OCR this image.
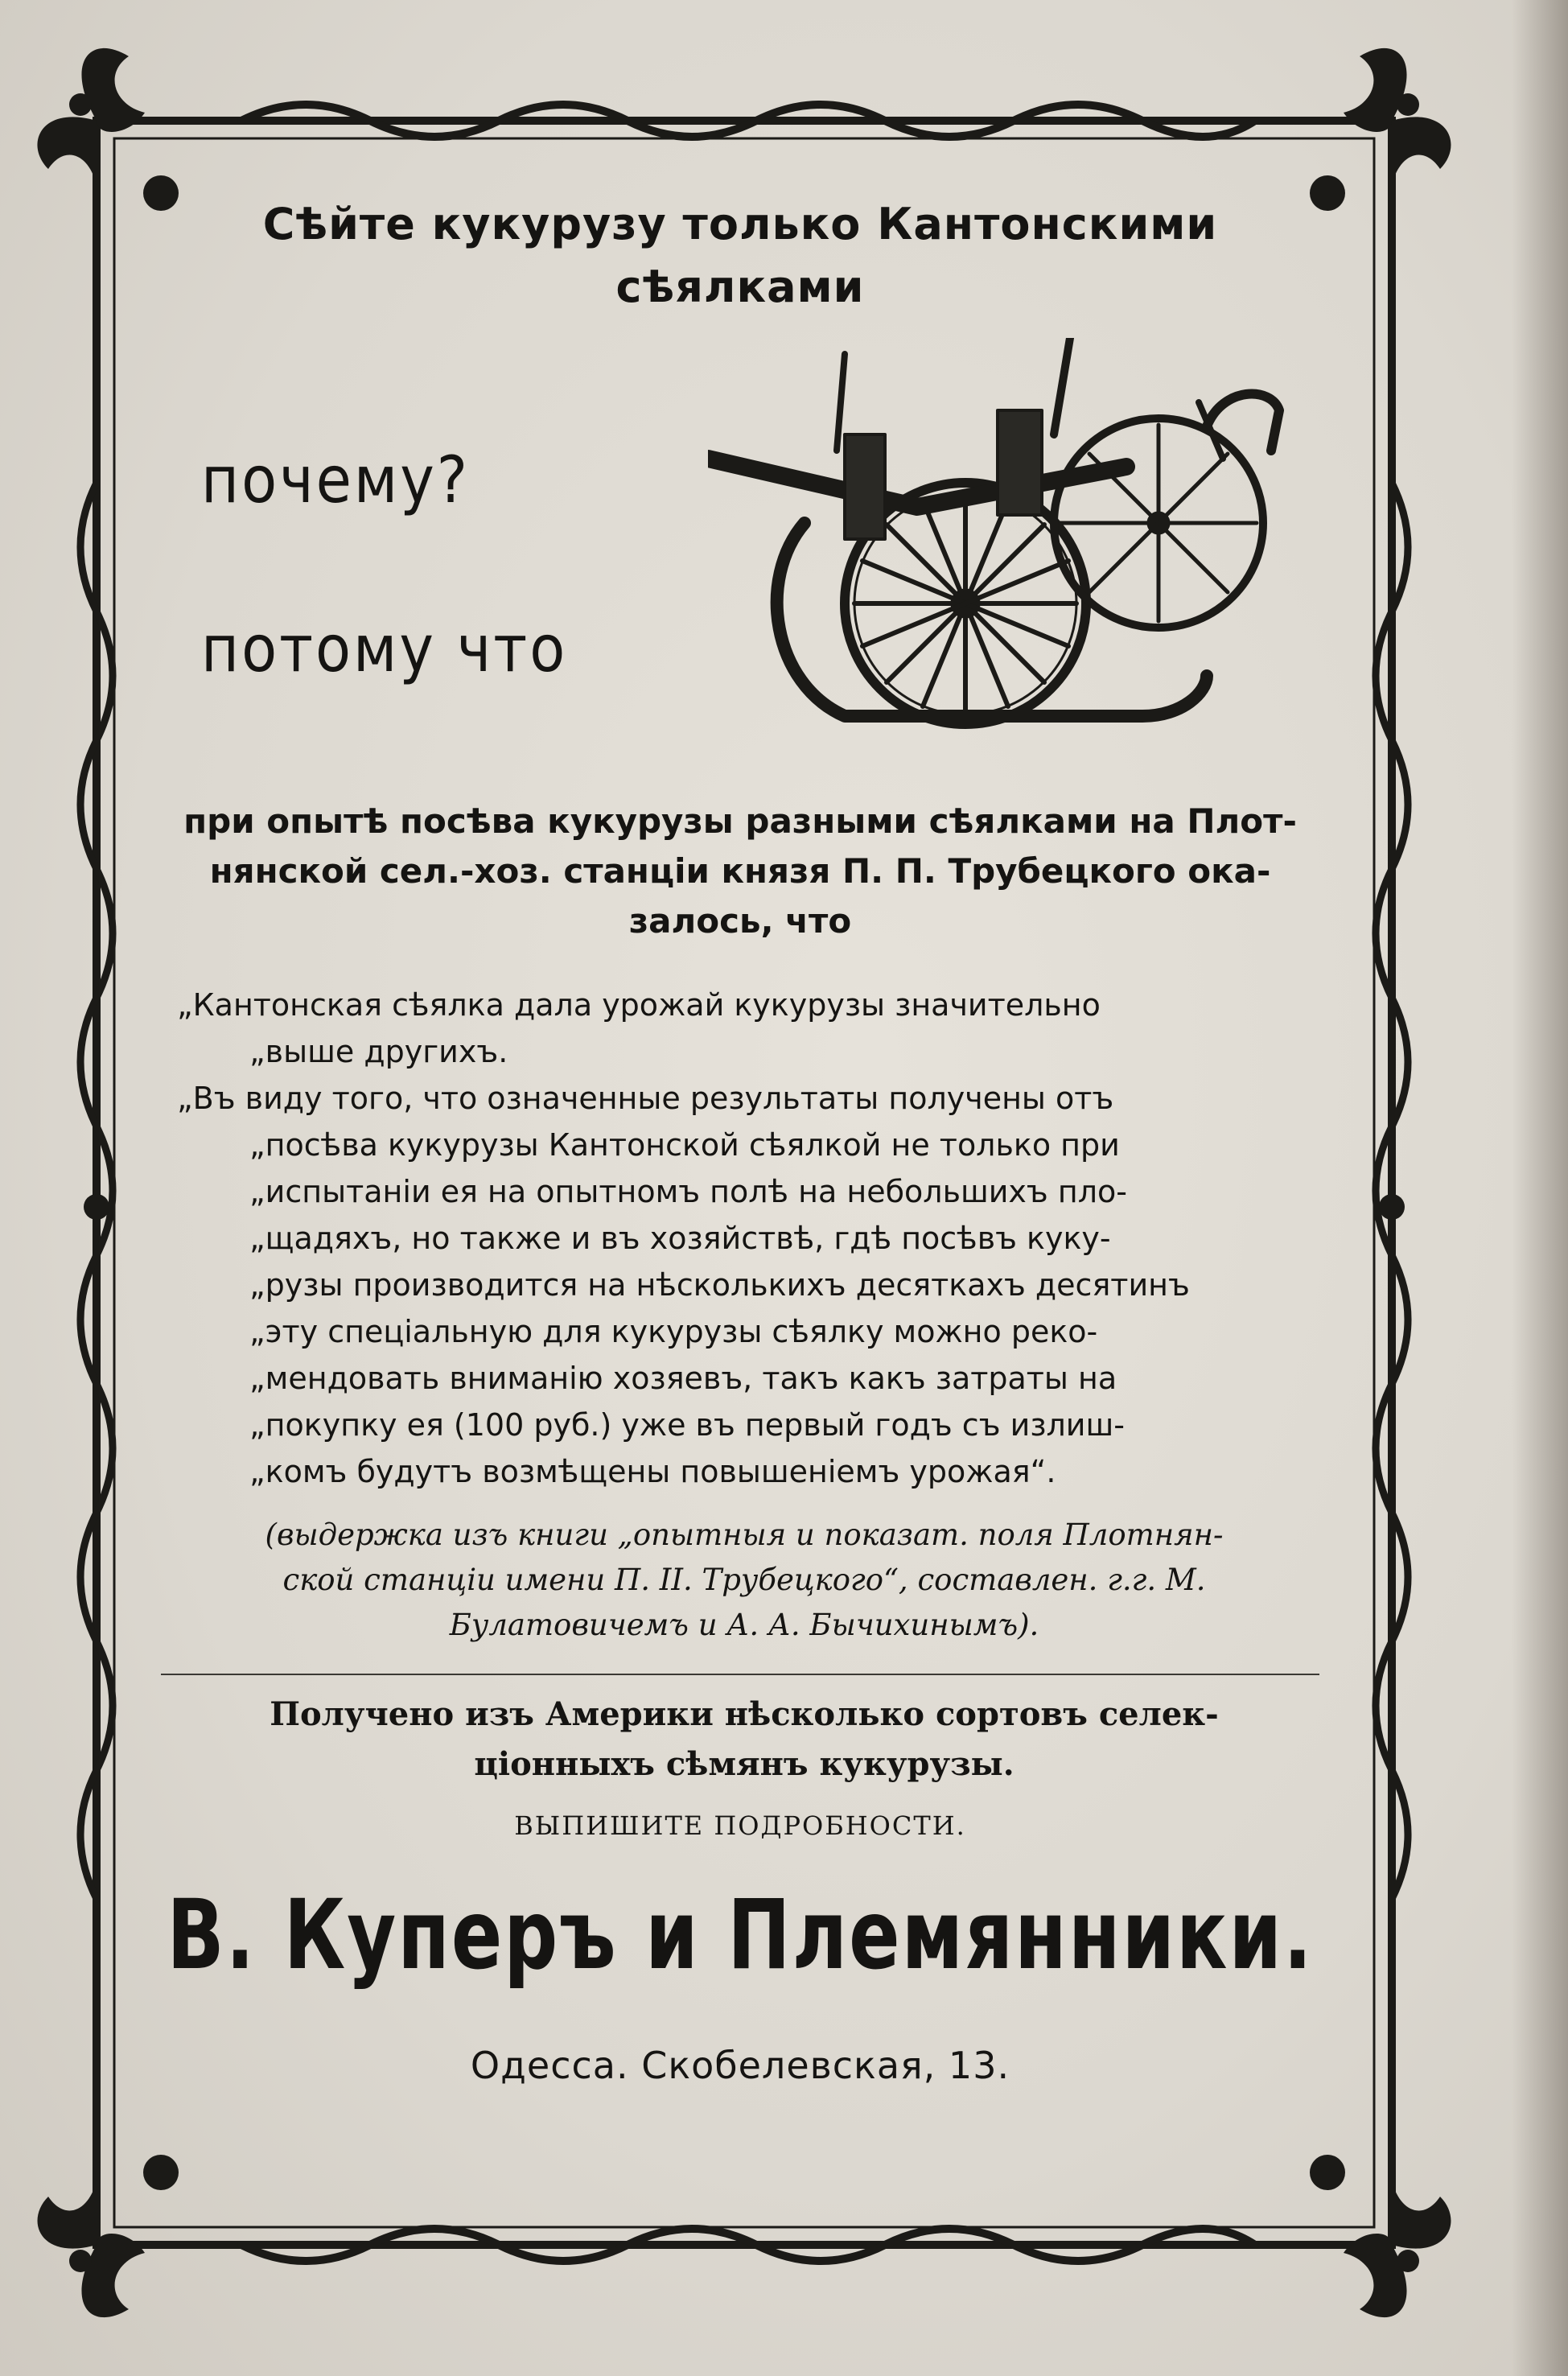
Сѣйте кукурузу только Кантонскими
сѣялками
почему?
потому что
при опытѣ посѣва кукурузы разными сѣялками на Плот-
нянской сел.-хоз. станціи князя П. П. Трубецкого ока-
залось, что
„Кантонская сѣялка дала урожай кукурузы значительно
„выше другихъ.
„Въ виду того, что означенные результаты получены отъ
„посѣва кукурузы Кантонской сѣялкой не только при
„испытаніи ея на опытномъ полѣ на небольшихъ пло-
„щадяхъ, но также и въ хозяйствѣ, гдѣ посѣвъ куку-
„рузы производится на нѣсколькихъ десяткахъ десятинъ
„эту спеціальную для кукурузы сѣялку можно реко-
„мендовать вниманію хозяевъ, такъ какъ затраты на
„покупку ея (100 руб.) уже въ первый годъ съ излиш-
„комъ будутъ возмѣщены повышеніемъ урожая“.
(выдержка изъ книги „опытныя и показат. поля Плотнян-
ской станціи имени П. II. Трубецкого“, составлен. г.г. М.
Булатовичемъ и А. А. Бычихинымъ).
Получено изъ Америки нѣсколько сортовъ селек-
ціонныхъ сѣмянъ кукурузы.
ВЫПИШИТЕ ПОДРОБНОСТИ.
В. Куперъ и Племянники.
Одесса. Скобелевская, 13.
